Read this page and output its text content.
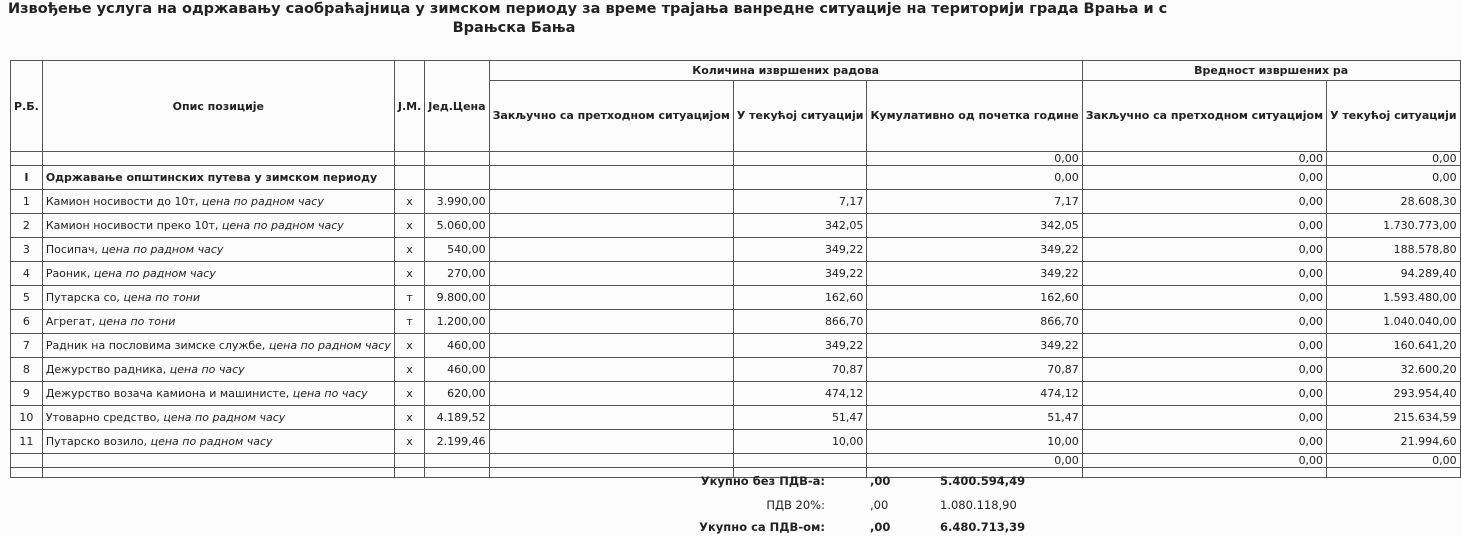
Извођење услуга на одржавању саобраћајница у зимском периоду за време трајања ванредне ситуације на територији града Врања и с
Врањска Бања
Р.Б.	Опис позиције	Ј.М.	Јед.Цена	Количина извршених радова			Вредност извршених ра	
				Закључно са претходном ситуацијом	У текућој ситуацији	Кумулативно од почетка године	Закључно са претходном ситуацијом	У текућој ситуацији
						0,00	0,00	0,00
I	Одржавање општинских путева у зимском периоду					0,00	0,00	0,00
1	Камион носивости до 10т, цена по радном часу	x	3.990,00		7,17	7,17	0,00	28.608,30
2	Камион носивости преко 10т, цена по радном часу	x	5.060,00		342,05	342,05	0,00	1.730.773,00
3	Посипач, цена по радном часу	x	540,00		349,22	349,22	0,00	188.578,80
4	Раоник, цена по радном часу	x	270,00		349,22	349,22	0,00	94.289,40
5	Путарска со, цена по тони	т	9.800,00		162,60	162,60	0,00	1.593.480,00
6	Агрегат, цена по тони	т	1.200,00		866,70	866,70	0,00	1.040.040,00
7	Радник на пословима зимске службе, цена по радном часу	x	460,00		349,22	349,22	0,00	160.641,20
8	Дежурство радника, цена по часу	x	460,00		70,87	70,87	0,00	32.600,20
9	Дежурство возача камиона и машинисте, цена по часу	x	620,00		474,12	474,12	0,00	293.954,40
10	Утоварно средство, цена по радном часу	x	4.189,52		51,47	51,47	0,00	215.634,59
11	Путарско возило, цена по радном часу	x	2.199,46		10,00	10,00	0,00	21.994,60
						0,00	0,00	0,00

Укупно без ПДВ-а:	,00	5.400.594,49
ПДВ 20%:	,00	1.080.118,90
Укупно са ПДВ-ом:	,00	6.480.713,39
